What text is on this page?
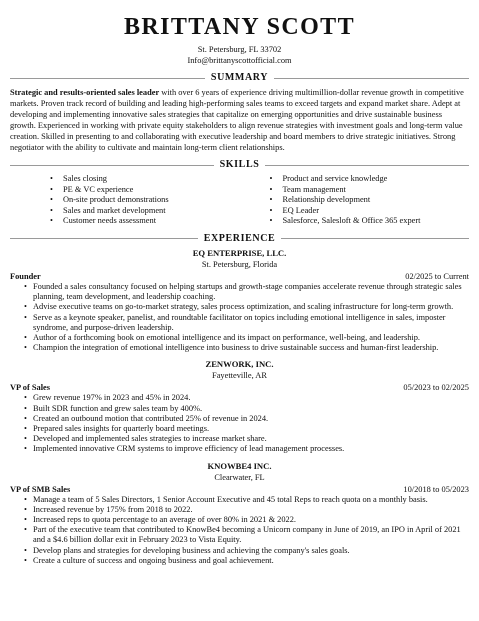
BRITTANY SCOTT
St. Petersburg, FL 33702
Info@brittanyscottofficial.com
SUMMARY
Strategic and results-oriented sales leader with over 6 years of experience driving multimillion-dollar revenue growth in competitive markets. Proven track record of building and leading high-performing sales teams to exceed targets and expand market share. Adept at developing and implementing innovative sales strategies that capitalize on emerging opportunities and drive sustainable business growth. Experienced in working with private equity stakeholders to align revenue strategies with investment goals and long-term value creation. Skilled in presenting to and collaborating with executive leadership and board members to drive strategic initiatives. Strong negotiator with the ability to cultivate and maintain long-term client relationships.
SKILLS
• Sales closing
• PE & VC experience
• On-site product demonstrations
• Sales and market development
• Customer needs assessment
• Product and service knowledge
• Team management
• Relationship development
• EQ Leader
• Salesforce, Salesloft & Office 365 expert
EXPERIENCE
EQ ENTERPRISE, LLC.
St. Petersburg, Florida
Founder	02/2025 to Current
• Founded a sales consultancy focused on helping startups and growth-stage companies accelerate revenue through strategic sales planning, team development, and leadership coaching.
• Advise executive teams on go-to-market strategy, sales process optimization, and scaling infrastructure for long-term growth.
• Serve as a keynote speaker, panelist, and roundtable facilitator on topics including emotional intelligence in sales, imposter syndrome, and purpose-driven leadership.
• Author of a forthcoming book on emotional intelligence and its impact on performance, well-being, and leadership.
• Champion the integration of emotional intelligence into business to drive sustainable success and human-first leadership.
ZENWORK, INC.
Fayetteville, AR
VP of Sales	05/2023 to 02/2025
• Grew revenue 197% in 2023 and 45% in 2024.
• Built SDR function and grew sales team by 400%.
• Created an outbound motion that contributed 25% of revenue in 2024.
• Prepared sales insights for quarterly board meetings.
• Developed and implemented sales strategies to increase market share.
• Implemented innovative CRM systems to improve efficiency of lead management processes.
KNOWBE4 INC.
Clearwater, FL
VP of SMB Sales	10/2018 to 05/2023
• Manage a team of 5 Sales Directors, 1 Senior Account Executive and 45 total Reps to reach quota on a monthly basis.
• Increased revenue by 175% from 2018 to 2022.
• Increased reps to quota percentage to an average of over 80% in 2021 & 2022.
• Part of the executive team that contributed to KnowBe4 becoming a Unicorn company in June of 2019, an IPO in April of 2021 and a $4.6 billion dollar exit in February 2023 to Vista Equity.
• Develop plans and strategies for developing business and achieving the company's sales goals.
• Create a culture of success and ongoing business and goal achievement.
